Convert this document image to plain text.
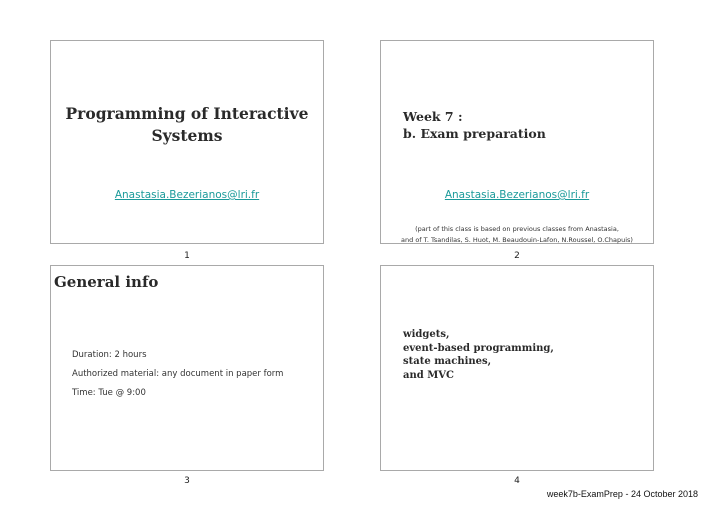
Programming of Interactive
Systems
Anastasia.Bezerianos@lri.fr
Week 7 :
b. Exam preparation
Anastasia.Bezerianos@lri.fr
(part of this class is based on previous classes from Anastasia,
and of T. Tsandilas, S. Huot, M. Beaudouin-Lafon, N.Roussel, O.Chapuis)
General info
Duration: 2 hours
Authorized material: any document in paper form
Time: Tue @ 9:00
widgets,
event-based programming,
state machines,
and MVC
1	2
3	4
week7b-ExamPrep - 24 October 2018
